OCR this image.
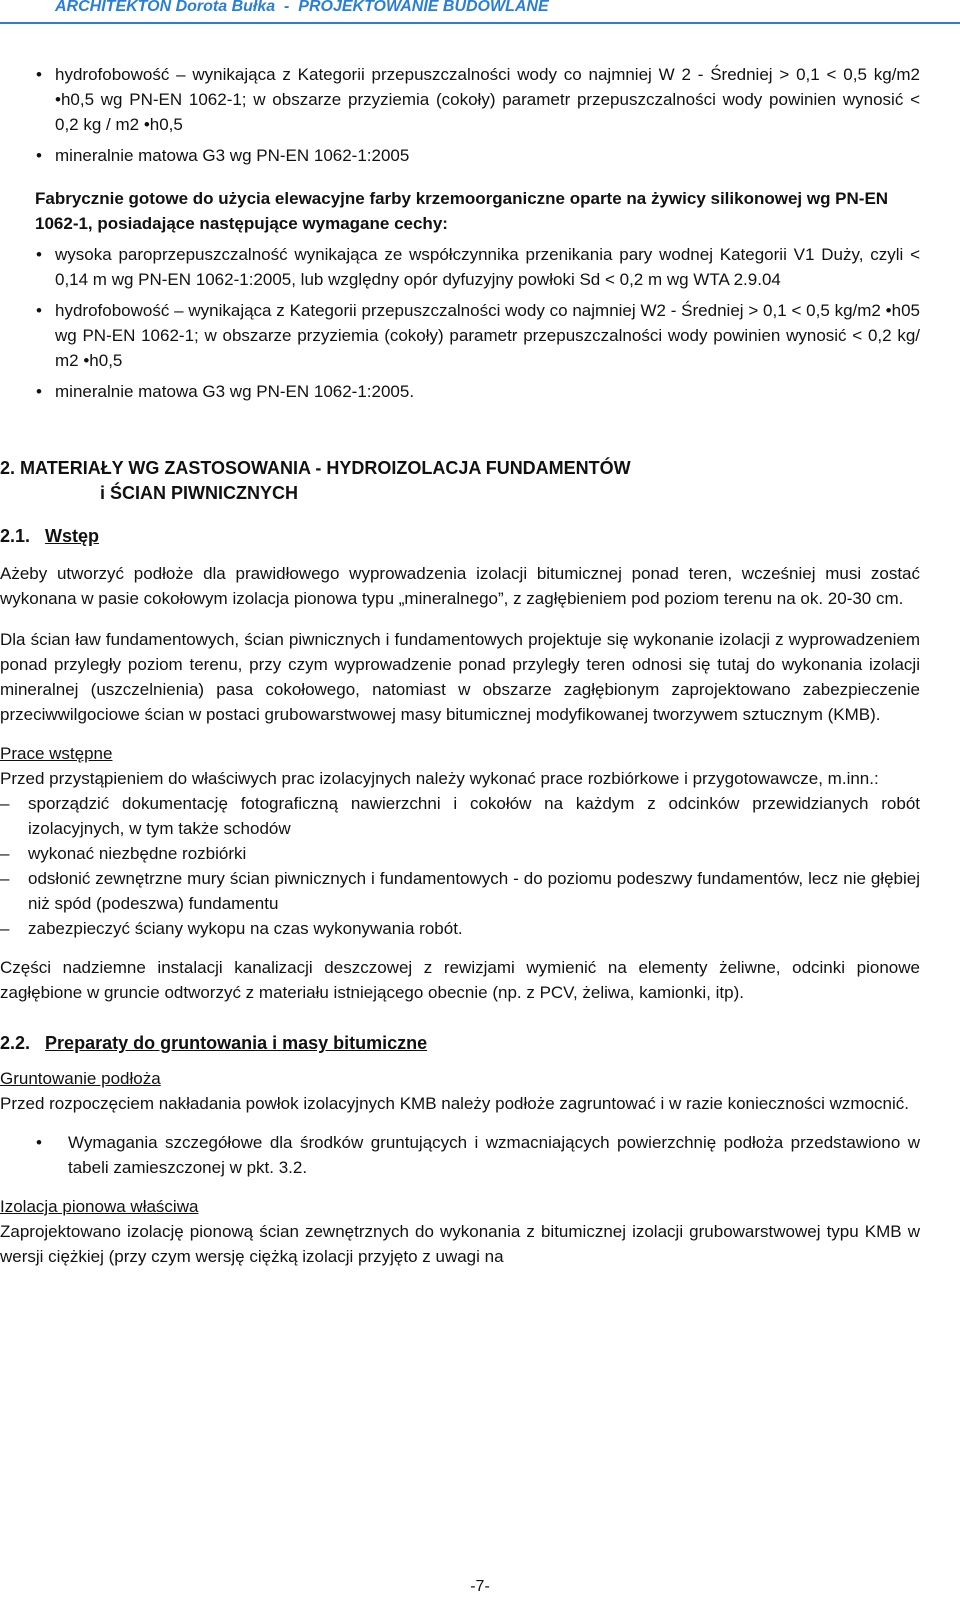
ARCHITEKTON Dorota Bułka  -  PROJEKTOWANIE BUDOWLANE
• hydrofobowość – wynikająca z Kategorii przepuszczalności wody co najmniej W 2 - Średniej > 0,1 < 0,5 kg/m2 •h0,5 wg PN-EN 1062-1; w obszarze przyziemia (cokoły) parametr przepuszczalności wody powinien wynosić < 0,2 kg / m2 •h0,5
• mineralnie matowa G3 wg PN-EN 1062-1:2005

Fabrycznie gotowe do użycia elewacyjne farby krzemoorganiczne oparte na żywicy silikonowej wg PN-EN 1062-1, posiadające następujące wymagane cechy:

• wysoka paroprzepuszczalność wynikająca ze współczynnika przenikania pary wodnej Kategorii V1 Duży, czyli < 0,14 m wg PN-EN 1062-1:2005, lub względny opór dyfuzyjny powłoki Sd < 0,2 m wg WTA 2.9.04
• hydrofobowość – wynikająca z Kategorii przepuszczalności wody co najmniej W2 - Średniej > 0,1 < 0,5 kg/m2 •h05 wg PN-EN 1062-1; w obszarze przyziemia (cokoły) parametr przepuszczalności wody powinien wynosić < 0,2 kg/ m2 •h0,5
• mineralnie matowa G3 wg PN-EN 1062-1:2005.
2. MATERIAŁY WG ZASTOSOWANIA - HYDROIZOLACJA FUNDAMENTÓW
i ŚCIAN PIWNICZNYCH
2.1. Wstęp

Ażeby utworzyć podłoże dla prawidłowego wyprowadzenia izolacji bitumicznej ponad teren, wcześniej musi zostać wykonana w pasie cokołowym izolacja pionowa typu „mineralnego”, z zagłębieniem pod poziom terenu na ok. 20-30 cm.

Dla ścian ław fundamentowych, ścian piwnicznych i fundamentowych projektuje się wykonanie izolacji z wyprowadzeniem ponad przyległy poziom terenu, przy czym wyprowadzenie ponad przyległy teren odnosi się tutaj do wykonania izolacji mineralnej (uszczelnienia) pasa cokołowego, natomiast w obszarze zagłębionym zaprojektowano zabezpieczenie przeciwwilgociowe ścian w postaci grubowarstwowej masy bitumicznej modyfikowanej tworzywem sztucznym (KMB).

Prace wstępne

Przed przystąpieniem do właściwych prac izolacyjnych należy wykonać prace rozbiórkowe i przygotowawcze, m.inn.:

– sporządzić dokumentację fotograficzną nawierzchni i cokołów na każdym z odcinków przewidzianych robót izolacyjnych, w tym także schodów
– wykonać niezbędne rozbiórki
– odsłonić zewnętrzne mury ścian piwnicznych i fundamentowych - do poziomu podeszwy fundamentów, lecz nie głębiej niż spód (podeszwa) fundamentu
– zabezpieczyć ściany wykopu na czas wykonywania robót.

Części nadziemne instalacji kanalizacji deszczowej z rewizjami wymienić na elementy żeliwne, odcinki pionowe zagłębione w gruncie odtworzyć z materiału istniejącego obecnie (np. z PCV, żeliwa, kamionki, itp).

2.2. Preparaty do gruntowania i masy bitumiczne

Gruntowanie podłoża

Przed rozpoczęciem nakładania powłok izolacyjnych KMB należy podłoże zagruntować i w razie konieczności wzmocnić.

• Wymagania szczegółowe dla środków gruntujących i wzmacniających powierzchnię podłoża przedstawiono w tabeli zamieszczonej w pkt. 3.2.

Izolacja pionowa właściwa

Zaprojektowano izolację pionową ścian zewnętrznych do wykonania z bitumicznej izolacji grubowarstwowej typu KMB w wersji ciężkiej (przy czym wersję ciężką izolacji przyjęto z uwagi na

-7-
